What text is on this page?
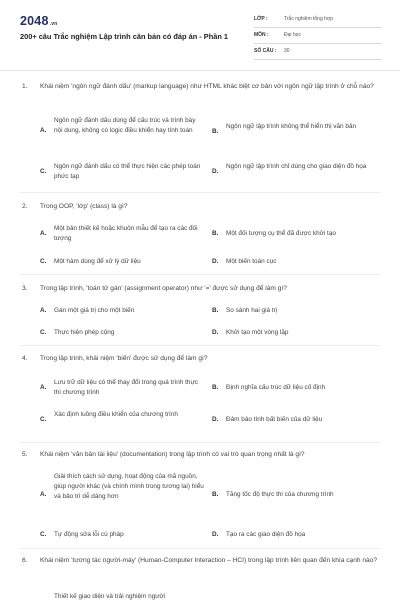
2048.vn
200+ câu Trắc nghiệm Lập trình căn bản có đáp án - Phần 1
LỚP :	Trắc nghiệm tổng hợp
MÔN :	Đại học
SỐ CÂU : 30
1. Khái niệm 'ngôn ngữ đánh dấu' (markup language) như HTML khác biệt cơ bản với ngôn ngữ lập trình ở chỗ nào?
A.
Ngôn ngữ đánh dấu dùng để cấu trúc và trình bày nội dung, không có logic điều khiển hay tính toán	B.
Ngôn ngữ lập trình không thể hiển thị văn bản
C.
Ngôn ngữ đánh dấu có thể thực hiện các phép toán phức tạp
D.
Ngôn ngữ lập trình chỉ dùng cho giao diện đồ họa
2. Trong OOP, 'lớp' (class) là gì?
A.
Một bản thiết kế hoặc khuôn mẫu để tạo ra các đối tượng
B. Một đối tượng cụ thể đã được khởi tạo
C. Một hàm dùng để xử lý dữ liệu	D. Một biến toàn cục
3. Trong lập trình, 'toán tử gán' (assignment operator) như '=' được sử dụng để làm gì?
A. Gán một giá trị cho một biến	B. So sánh hai giá trị
C. Thực hiện phép cộng	D. Khởi tạo một vòng lặp
4. Trong lập trình, khái niệm 'biến' được sử dụng để làm gì?
A.
Lưu trữ dữ liệu có thể thay đổi trong quá trình thực thi chương trình
B. Định nghĩa cấu trúc dữ liệu cố định
C.
Xác định luồng điều khiển của chương trình
D. Đảm bảo tính bất biến của dữ liệu
5. Khái niệm 'văn bản tài liệu' (documentation) trong lập trình có vai trò quan trọng nhất là gì?
A.
Giải thích cách sử dụng, hoạt động của mã nguồn, giúp người khác (và chính mình trong tương lai) hiểu và bảo trì dễ dàng hơn	B. Tăng tốc độ thực thi của chương trình
C. Tự động sửa lỗi cú pháp	D. Tạo ra các giao diện đồ họa
6. Khái niệm 'tương tác người-máy' (Human-Computer Interaction – HCI) trong lập trình liên quan đến khía cạnh nào?
Thiết kế giao diện và trải nghiệm người
